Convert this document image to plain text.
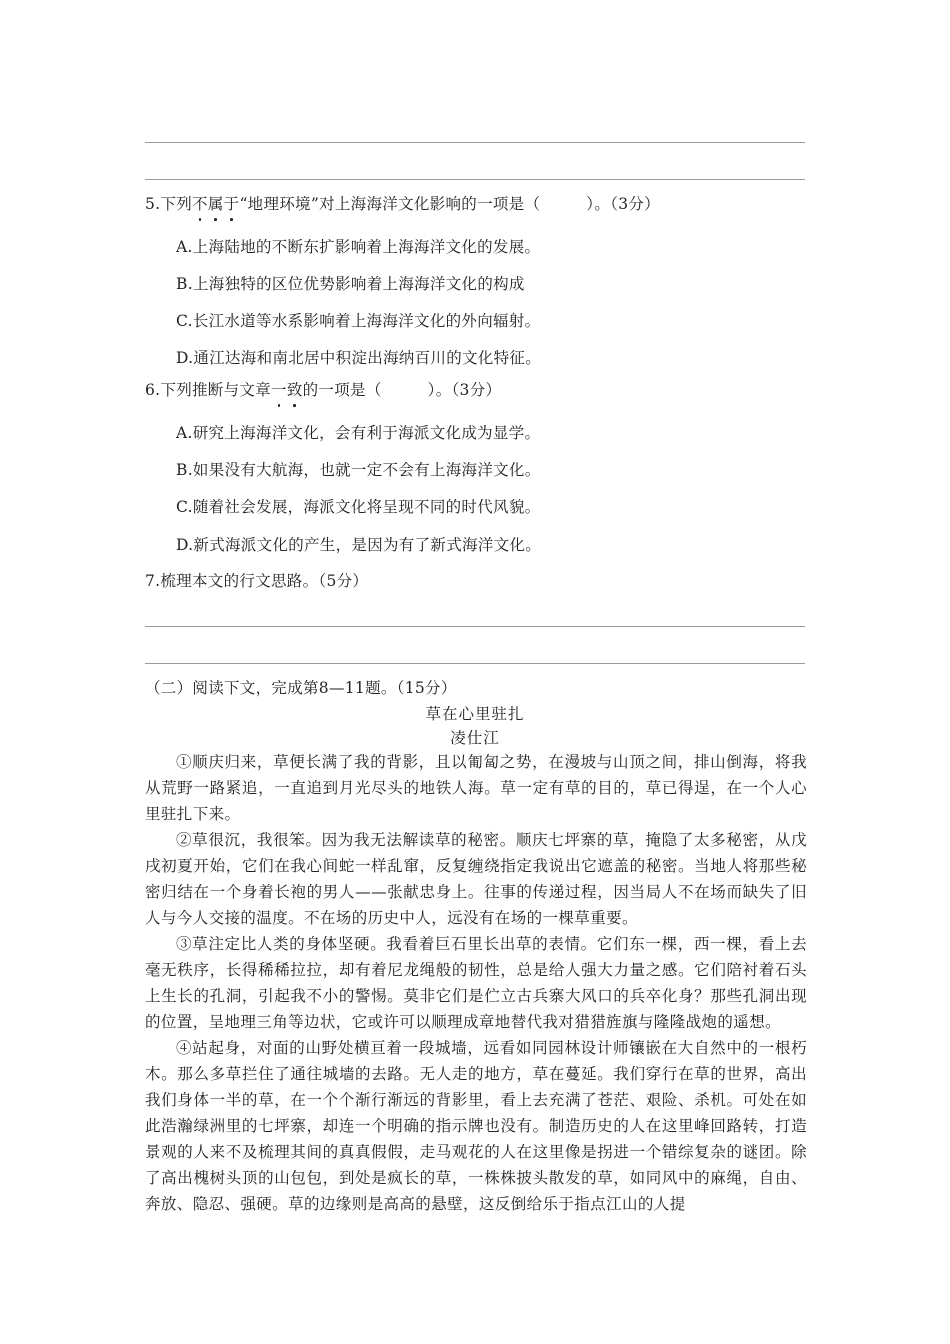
5.下列不属于“地理环境”对上海海洋文化影响的一项是（	）。（3分）
A.上海陆地的不断东扩影响着上海海洋文化的发展。
B.上海独特的区位优势影响着上海海洋文化的构成
C.长江水道等水系影响着上海海洋文化的外向辐射。
D.通江达海和南北居中积淀出海纳百川的文化特征。
6.下列推断与文章一致的一项是（	）。（3分）
A.研究上海海洋文化，会有利于海派文化成为显学。
B.如果没有大航海，也就一定不会有上海海洋文化。
C.随着社会发展，海派文化将呈现不同的时代风貌。
D.新式海派文化的产生，是因为有了新式海洋文化。
7.梳理本文的行文思路。（5分）
（二）阅读下文，完成第8—11题。（15分）
草在心里驻扎
凌仕江

①顺庆归来，草便长满了我的背影，且以匍匐之势，在漫坡与山顶之间，排山倒海，将我从荒野一路紧追，一直追到月光尽头的地铁人海。草一定有草的目的，草已得逞，在一个人心里驻扎下来。

②草很沉，我很笨。因为我无法解读草的秘密。顺庆七坪寨的草，掩隐了太多秘密，从戊戌初夏开始，它们在我心间蛇一样乱窜，反复缠绕指定我说出它遮盖的秘密。当地人将那些秘密归结在一个身着长袍的男人——张献忠身上。往事的传递过程，因当局人不在场而缺失了旧人与今人交接的温度。不在场的历史中人，远没有在场的一棵草重要。

③草注定比人类的身体坚硬。我看着巨石里长出草的表情。它们东一棵，西一棵，看上去毫无秩序，长得稀稀拉拉，却有着尼龙绳般的韧性，总是给人强大力量之感。它们陪衬着石头上生长的孔洞，引起我不小的警惕。莫非它们是伫立古兵寨大风口的兵卒化身？那些孔洞出现的位置，呈地理三角等边状，它或许可以顺理成章地替代我对猎猎旌旗与隆隆战炮的遥想。

④站起身，对面的山野处横亘着一段城墙，远看如同园林设计师镶嵌在大自然中的一根朽木。那么多草拦住了通往城墙的去路。无人走的地方，草在蔓延。我们穿行在草的世界，高出我们身体一半的草，在一个个渐行渐远的背影里，看上去充满了苍茫、艰险、杀机。可处在如此浩瀚绿洲里的七坪寨，却连一个明确的指示牌也没有。制造历史的人在这里峰回路转，打造景观的人来不及梳理其间的真真假假，走马观花的人在这里像是拐进一个错综复杂的谜团。除了高出槐树头顶的山包包，到处是疯长的草，一株株披头散发的草，如同风中的麻绳，自由、奔放、隐忍、强硬。草的边缘则是高高的悬壁，这反倒给乐于指点江山的人提
